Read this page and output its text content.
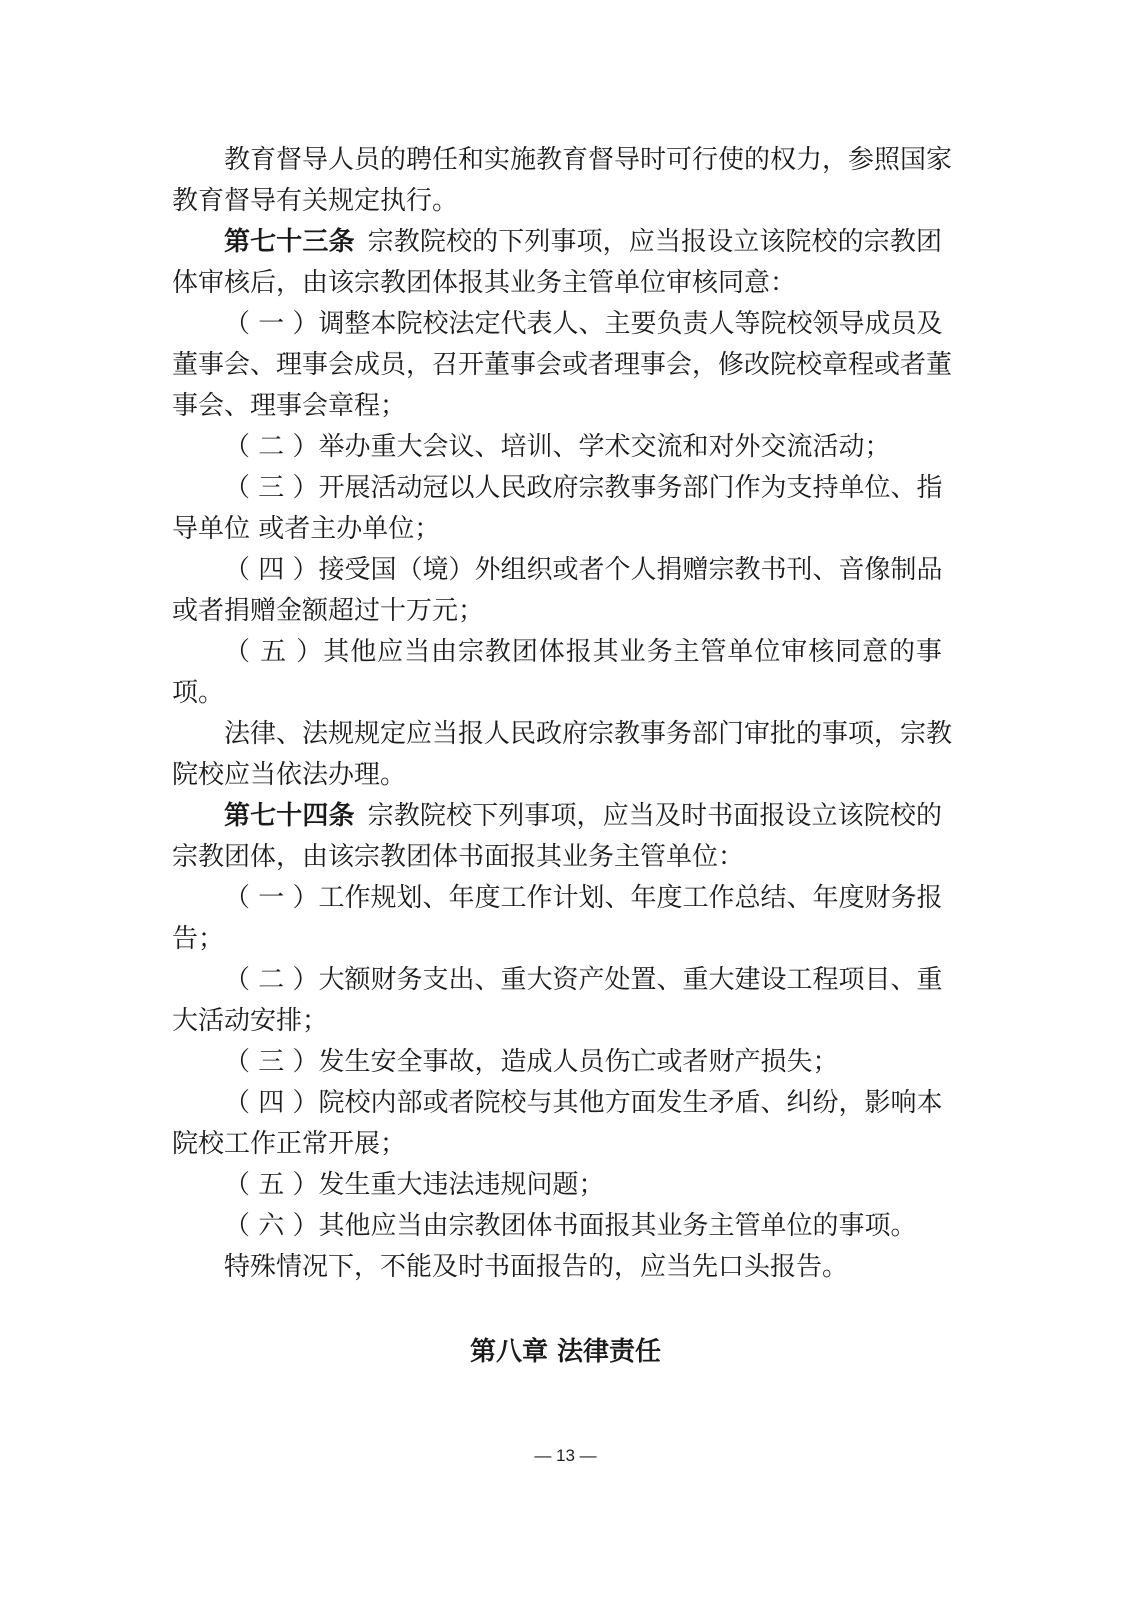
教育督导人员的聘任和实施教育督导时可行使的权力，参照国家
教育督导有关规定执行。
第七十三条  宗教院校的下列事项，应当报设立该院校的宗教团
体审核后，由该宗教团体报其业务主管单位审核同意：
（ 一 ）调整本院校法定代表人、主要负责人等院校领导成员及
董事会、理事会成员，召开董事会或者理事会，修改院校章程或者董
事会、理事会章程；
（ 二 ）举办重大会议、培训、学术交流和对外交流活动；
（ 三 ）开展活动冠以人民政府宗教事务部门作为支持单位、指
导单位 或者主办单位；
（ 四 ）接受国（境）外组织或者个人捐赠宗教书刊、音像制品
或者捐赠金额超过十万元；
（ 五 ）其他应当由宗教团体报其业务主管单位审核同意的事
项。
法律、法规规定应当报人民政府宗教事务部门审批的事项，宗教
院校应当依法办理。
第七十四条  宗教院校下列事项，应当及时书面报设立该院校的
宗教团体，由该宗教团体书面报其业务主管单位：
（ 一 ）工作规划、年度工作计划、年度工作总结、年度财务报
告；
（ 二 ）大额财务支出、重大资产处置、重大建设工程项目、重
大活动安排；
（ 三 ）发生安全事故，造成人员伤亡或者财产损失；
（ 四 ）院校内部或者院校与其他方面发生矛盾、纠纷，影响本
院校工作正常开展；
（ 五 ）发生重大违法违规问题；
（ 六 ）其他应当由宗教团体书面报其业务主管单位的事项。
特殊情况下，不能及时书面报告的，应当先口头报告。
第八章 法律责任
— 13 —
